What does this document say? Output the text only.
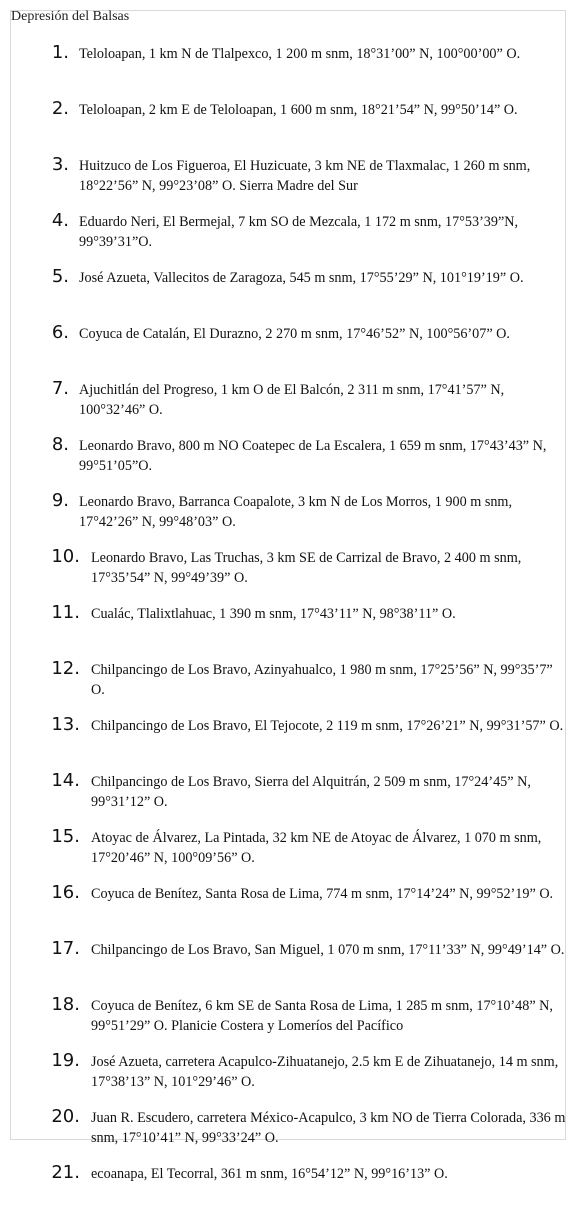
Depresión del Balsas
1. Teloloapan, 1 km N de Tlalpexco, 1 200 m snm, 18°31’00” N, 100°00’00” O.
2. Teloloapan, 2 km E de Teloloapan, 1 600 m snm, 18°21’54” N, 99°50’14” O.
3. Huitzuco de Los Figueroa, El Huzicuate, 3 km NE de Tlaxmalac, 1 260 m snm, 18°22’56” N, 99°23’08” O. Sierra Madre del Sur
4. Eduardo Neri, El Bermejal, 7 km SO de Mezcala, 1 172 m snm, 17°53’39”N, 99°39’31”O.
5. José Azueta, Vallecitos de Zaragoza, 545 m snm, 17°55’29” N, 101°19’19” O.
6. Coyuca de Catalán, El Durazno, 2 270 m snm, 17°46’52” N, 100°56’07” O.
7. Ajuchitlán del Progreso, 1 km O de El Balcón, 2 311 m snm, 17°41’57” N, 100°32’46” O.
8. Leonardo Bravo, 800 m NO Coatepec de La Escalera, 1 659 m snm, 17°43’43” N, 99°51’05”O.
9. Leonardo Bravo, Barranca Coapalote, 3 km N de Los Morros, 1 900 m snm, 17°42’26” N, 99°48’03” O.
10. Leonardo Bravo, Las Truchas, 3 km SE de Carrizal de Bravo, 2 400 m snm, 17°35’54” N, 99°49’39” O.
11. Cualác, Tlalixtlahuac, 1 390 m snm, 17°43’11” N, 98°38’11” O.
12. Chilpancingo de Los Bravo, Azinyahualco, 1 980 m snm, 17°25’56” N, 99°35’7” O.
13. Chilpancingo de Los Bravo, El Tejocote, 2 119 m snm, 17°26’21” N, 99°31’57” O.
14. Chilpancingo de Los Bravo, Sierra del Alquitrán, 2 509 m snm, 17°24’45” N, 99°31’12” O.
15. Atoyac de Álvarez, La Pintada, 32 km NE de Atoyac de Álvarez, 1 070 m snm, 17°20’46” N, 100°09’56” O.
16. Coyuca de Benítez, Santa Rosa de Lima, 774 m snm, 17°14’24” N, 99°52’19” O.
17. Chilpancingo de Los Bravo, San Miguel, 1 070 m snm, 17°11’33” N, 99°49’14” O.
18. Coyuca de Benítez, 6 km SE de Santa Rosa de Lima, 1 285 m snm, 17°10’48” N, 99°51’29” O. Planicie Costera y Lomeríos del Pacífico
19. José Azueta, carretera Acapulco-Zihuatanejo, 2.5 km E de Zihuatanejo, 14 m snm, 17°38’13” N, 101°29’46” O.
20. Juan R. Escudero, carretera México-Acapulco, 3 km NO de Tierra Colorada, 336 m snm, 17°10’41” N, 99°33’24” O.
21. ecoanapa, El Tecorral, 361 m snm, 16°54’12” N, 99°16’13” O.
